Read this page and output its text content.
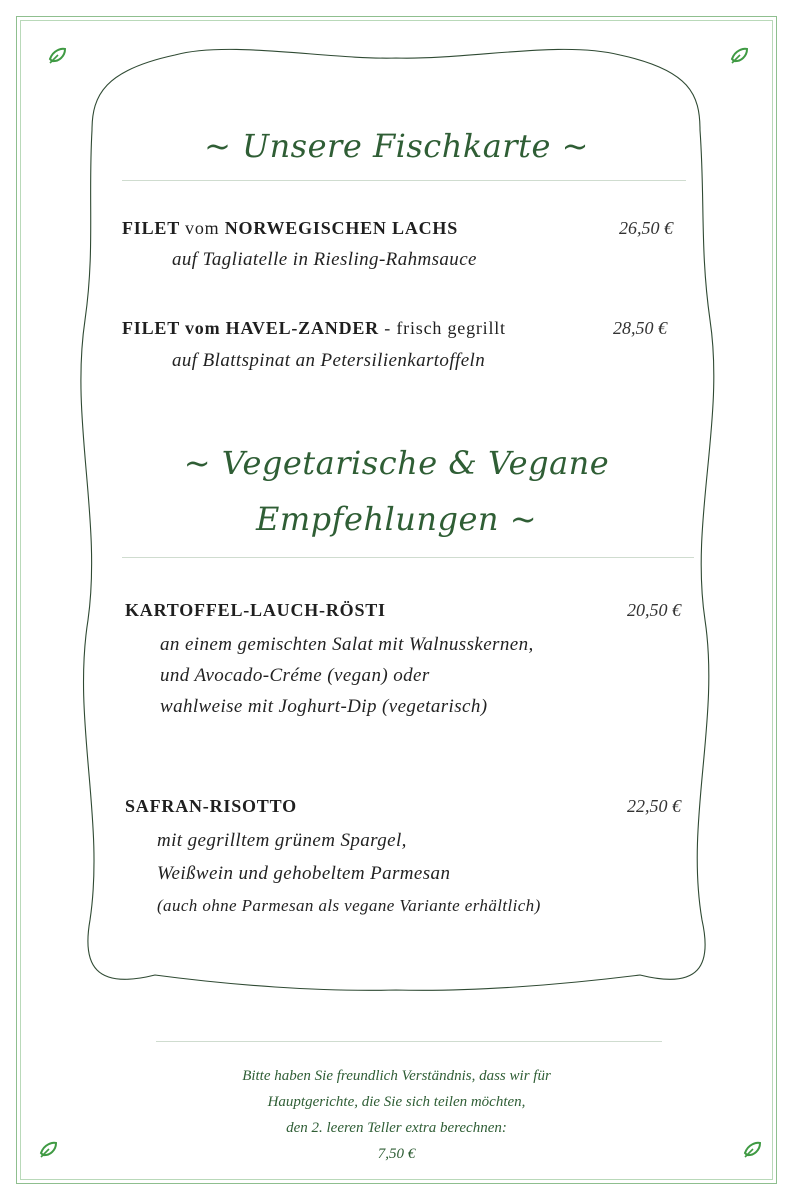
~ Unsere Fischkarte ~
FILET vom NORWEGISCHEN LACHS	26,50 €
auf Tagliatelle in Riesling-Rahmsauce
FILET vom HAVEL-ZANDER - frisch gegrillt	28,50 €
auf Blattspinat an Petersilienkartoffeln
~ Vegetarische & Vegane
Empfehlungen ~
KARTOFFEL-LAUCH-RÖSTI	20,50 €
an einem gemischten Salat mit Walnusskernen,
und Avocado-Créme (vegan) oder
wahlweise mit Joghurt-Dip (vegetarisch)
SAFRAN-RISOTTO	22,50 €
mit gegrilltem grünem Spargel,
Weißwein und gehobeltem Parmesan
(auch ohne Parmesan als vegane Variante erhältlich)
Bitte haben Sie freundlich Verständnis, dass wir für
Hauptgerichte, die Sie sich teilen möchten,
den 2. leeren Teller extra berechnen:
7,50 €
